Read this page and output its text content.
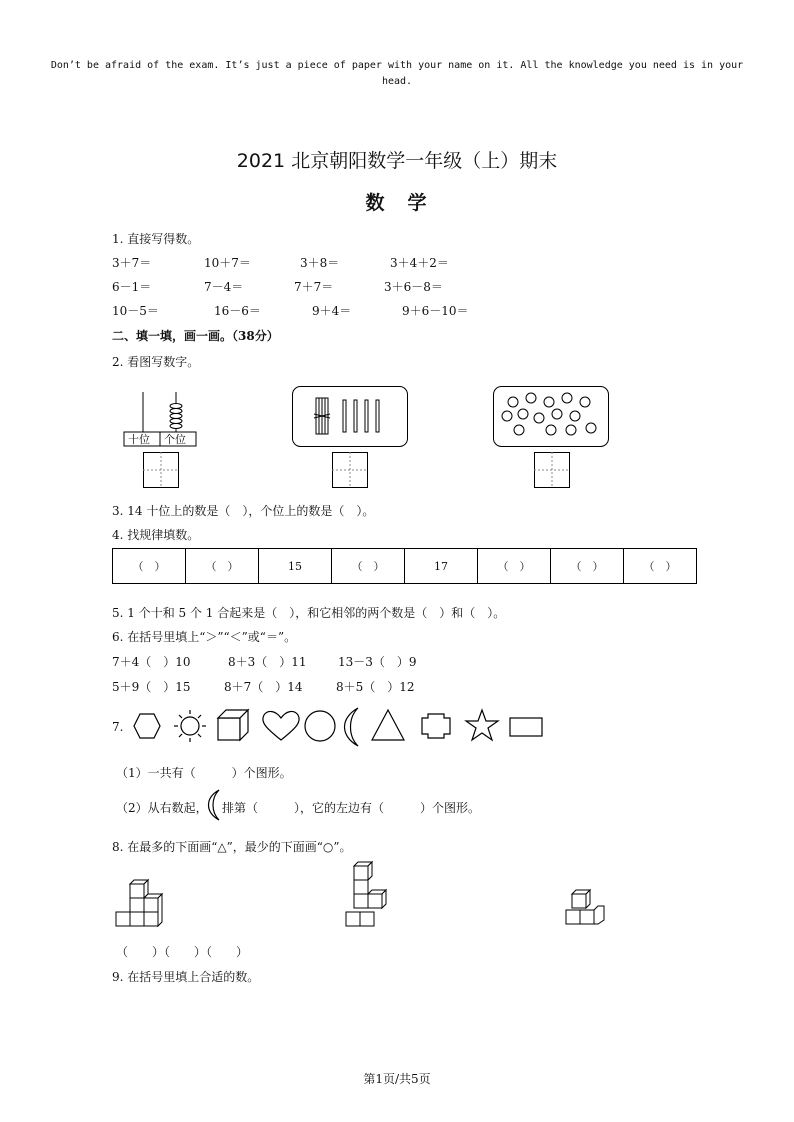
Don’t be afraid of the exam. It’s just a piece of paper with your name on it. All the knowledge you need is in your head.
2021 北京朝阳数学一年级（上）期末
数　学
1. 直接写得数。
3＋7＝	10＋7＝	3＋8＝	3＋4＋2＝
6－1＝	7－4＝	7＋7＝	3＋6－8＝
10－5＝	16－6＝	9＋4＝	9＋6－10＝
二、填一填，画一画。（38分）
2. 看图写数字。
十位 个位
3. 14 十位上的数是（　），个位上的数是（　）。
4. 找规律填数。
（　）	（　）	15	（　）	17	（　）	（　）	（　）
5. 1 个十和 5 个 1 合起来是（　），和它相邻的两个数是（　）和（　）。
6. 在括号里填上“＞”“＜”或“＝”。
7＋4（　）10	8＋3（　）11	13－3（　）9
5＋9（　）15	8＋7（　）14	8＋5（　）12
7.
（1）一共有（　　　）个图形。
（2）从右数起， 排第（　　　），它的左边有（　　　）个图形。
8. 在最多的下面画“△”，最少的下面画“○”。
（　　）（　　）（　　）
9. 在括号里填上合适的数。
第1页/共5页
